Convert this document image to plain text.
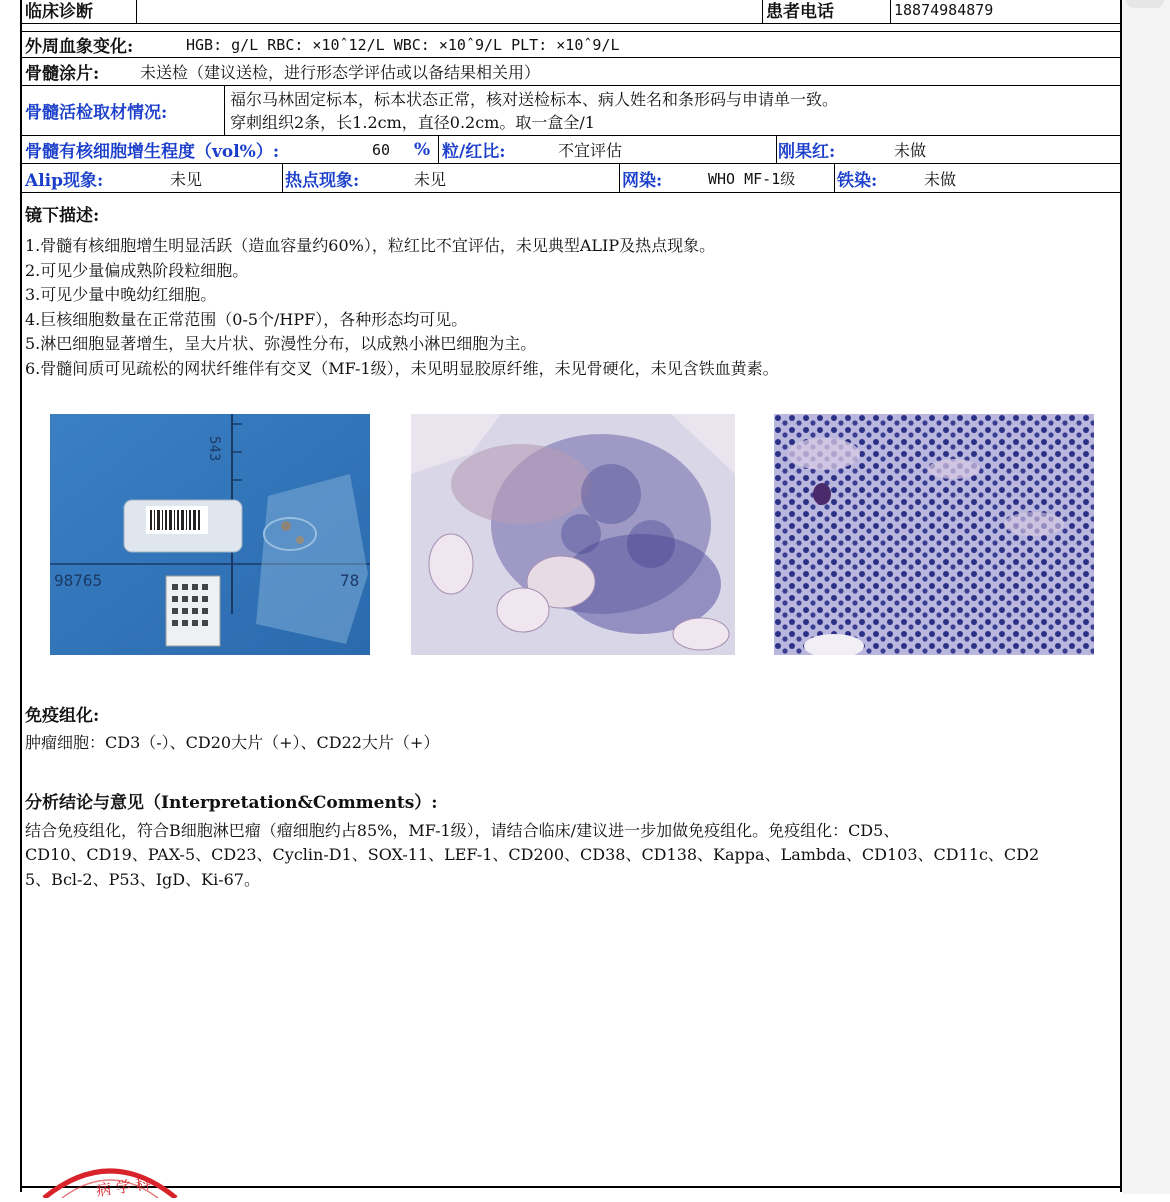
临床诊断	患者电话	18874984879
外周血象变化:	HGB: g/L RBC: ×10ˆ12/L WBC: ×10ˆ9/L PLT: ×10ˆ9/L
骨髓涂片:	未送检（建议送检，进行形态学评估或以备结果相关用）
骨髓活检取材情况:
福尔马林固定标本，标本状态正常，核对送检标本、病人姓名和条形码与申请单一致。
穿刺组织2条，长1.2cm，直径0.2cm。取一盒全/1
骨髓有核细胞增生程度（vol%）:	60 % 粒/红比:	不宜评估	刚果红:	未做
Alip现象:	未见	热点现象:	未见	网染:	WHO MF-1级 铁染:	未做
镜下描述:
1.骨髓有核细胞增生明显活跃（造血容量约60%），粒红比不宜评估，未见典型ALIP及热点现象。
2.可见少量偏成熟阶段粒细胞。
3.可见少量中晚幼红细胞。
4.巨核细胞数量在正常范围（0-5个/HPF），各种形态均可见。
5.淋巴细胞显著增生，呈大片状、弥漫性分布，以成熟小淋巴细胞为主。
6.骨髓间质可见疏松的网状纤维伴有交叉（MF-1级），未见明显胶原纤维，未见骨硬化，未见含铁血黄素。
543
98765	78
免疫组化:
肿瘤细胞：CD3（-）、CD20大片（+）、CD22大片（+）
分析结论与意见（Interpretation&Comments）:
结合免疫组化，符合B细胞淋巴瘤（瘤细胞约占85%，MF-1级），请结合临床/建议进一步加做免疫组化。免疫组化：CD5、
CD10、CD19、PAX-5、CD23、Cyclin-D1、SOX-11、LEF-1、CD200、CD38、CD138、Kappa、Lambda、CD103、CD11c、CD2
5、Bcl-2、P53、IgD、Ki-67。
病 学 科
